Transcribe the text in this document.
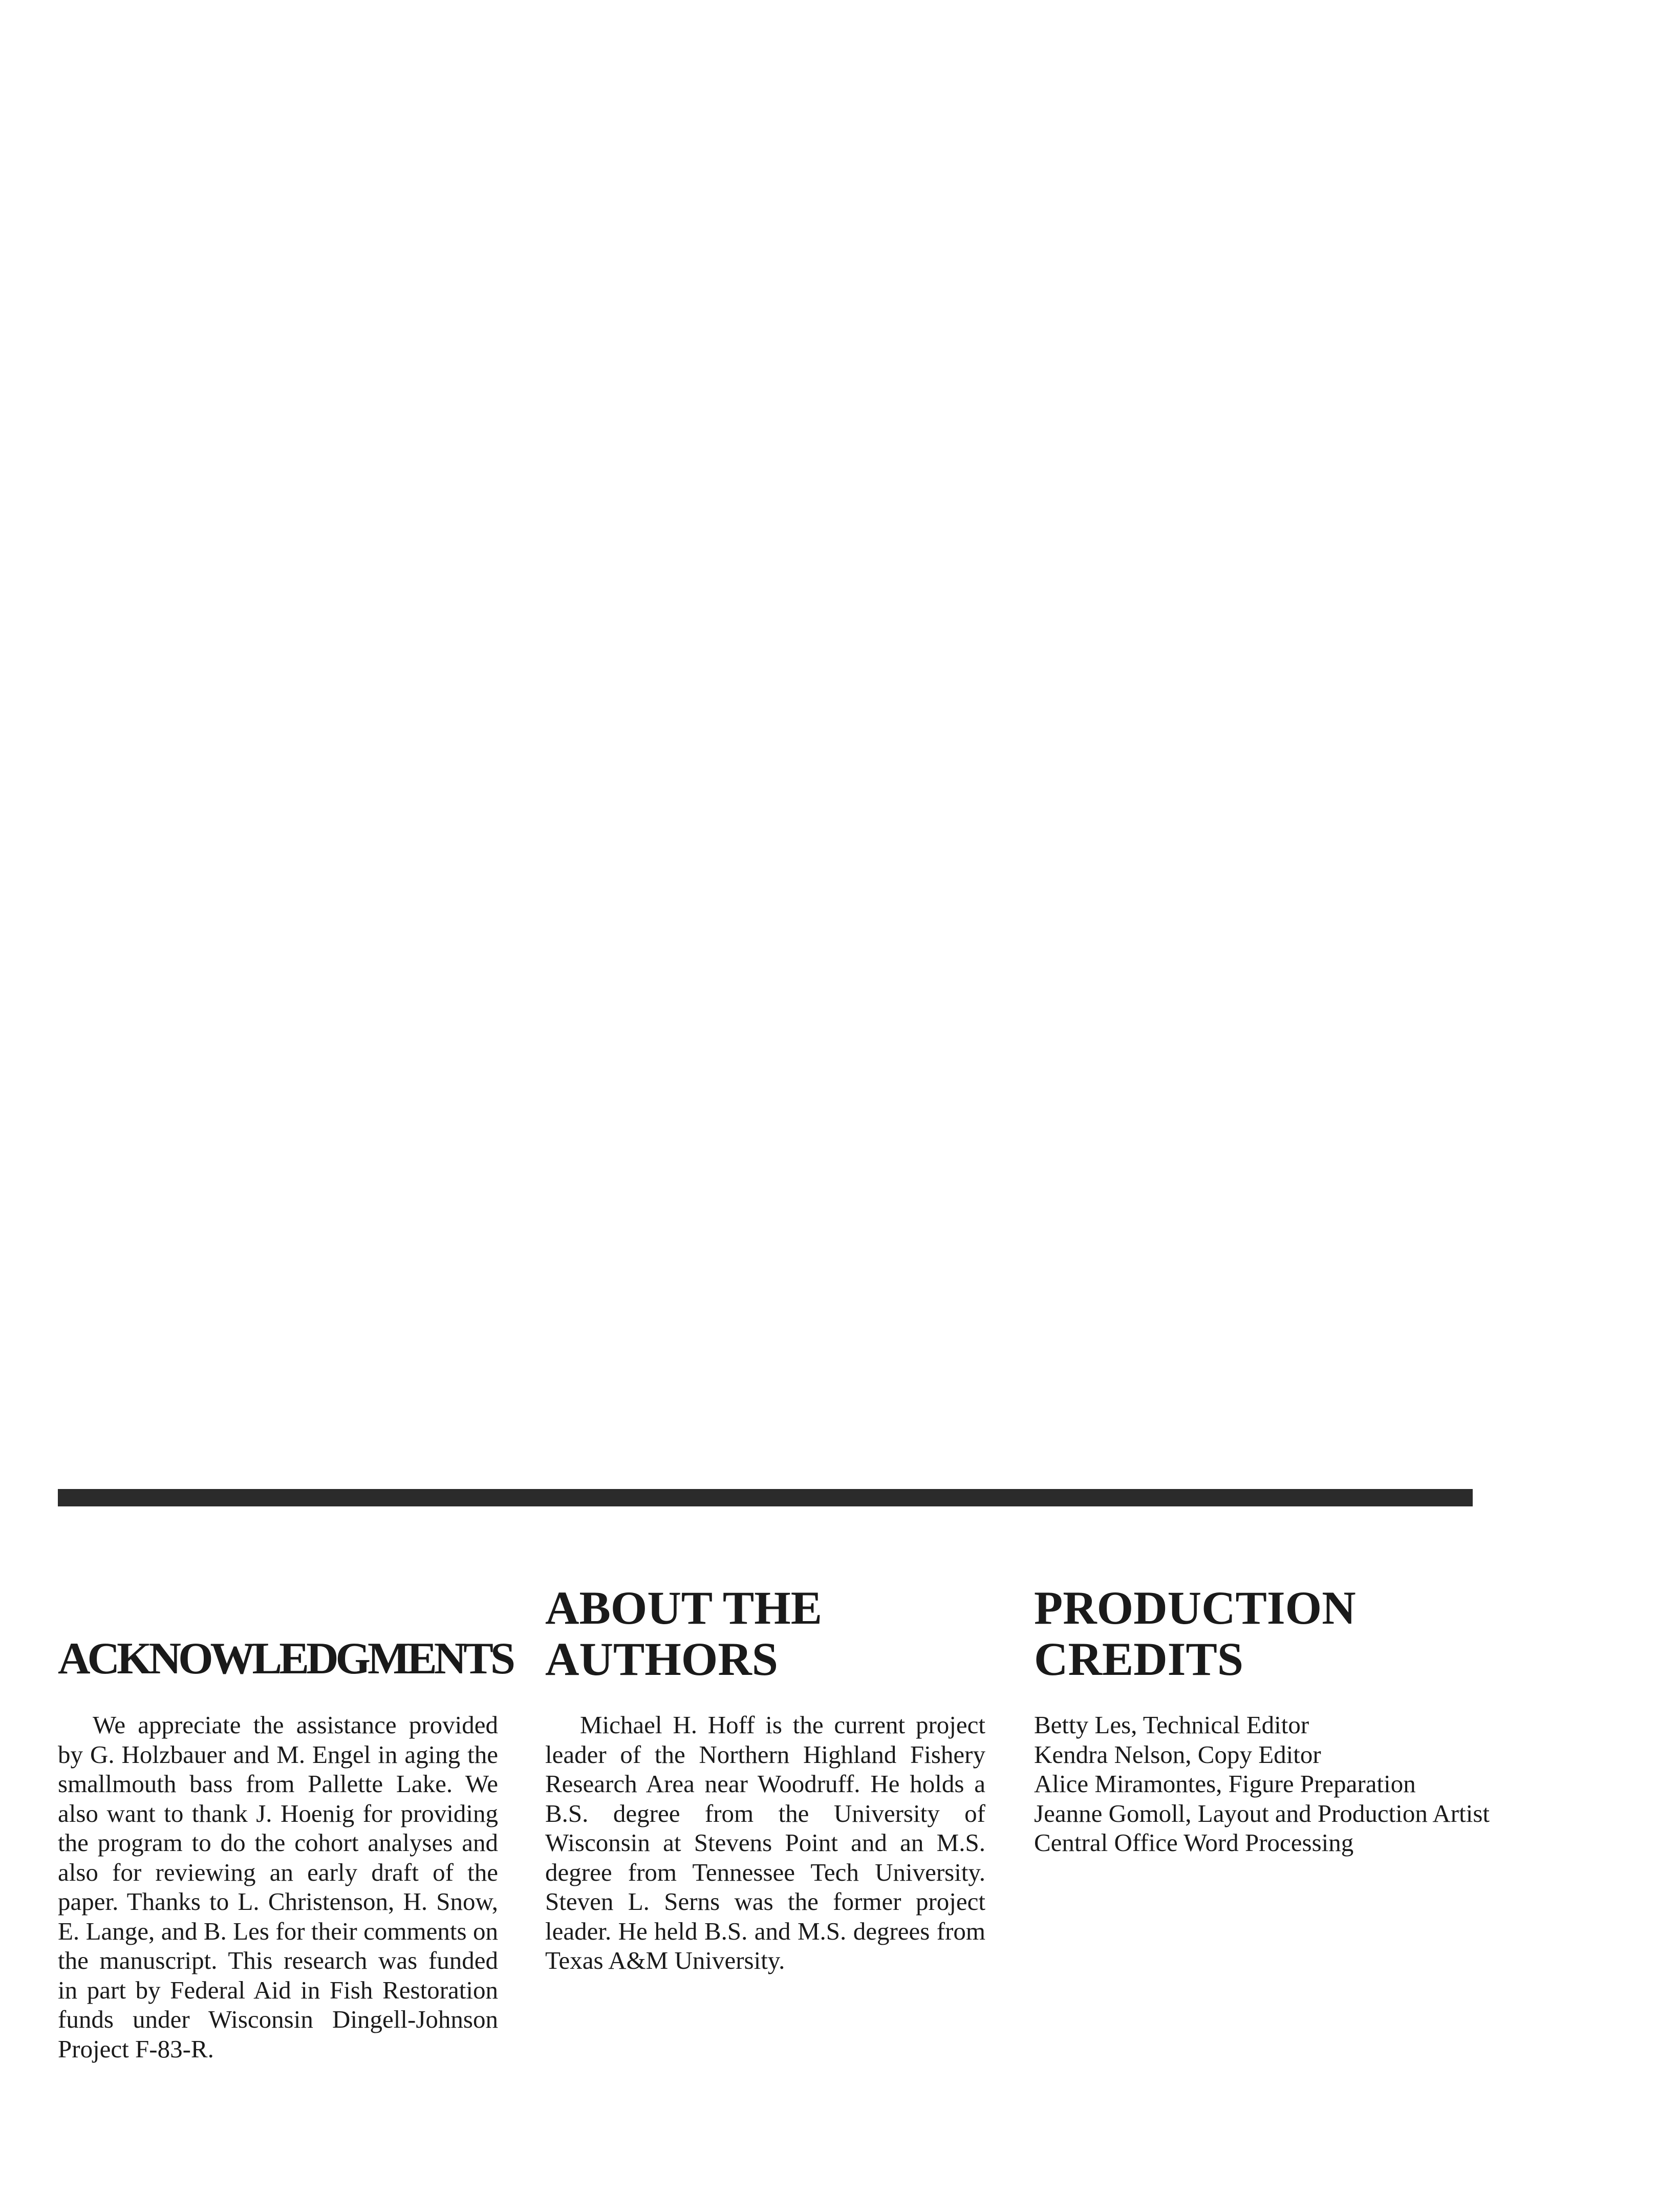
ACKNOWLEDGMENTS

We appreciate the assistance provided by G. Holzbauer and M. Engel in aging the smallmouth bass from Pallette Lake. We also want to thank J. Hoenig for providing the program to do the cohort analyses and also for reviewing an early draft of the paper. Thanks to L. Christenson, H. Snow, E. Lange, and B. Les for their comments on the manuscript. This research was funded in part by Federal Aid in Fish Restoration funds under Wisconsin Dingell-Johnson Project F-83-R.

ABOUT THE
AUTHORS

Michael H. Hoff is the current project leader of the Northern Highland Fishery Research Area near Woodruff. He holds a B.S. degree from the University of Wisconsin at Stevens Point and an M.S. degree from Tennessee Tech University. Steven L. Serns was the former project leader. He held B.S. and M.S. degrees from Texas A&M University.

PRODUCTION
CREDITS
Betty Les, Technical Editor
Kendra Nelson, Copy Editor
Alice Miramontes, Figure Preparation
Jeanne Gomoll, Layout and Production Artist
Central Office Word Processing
